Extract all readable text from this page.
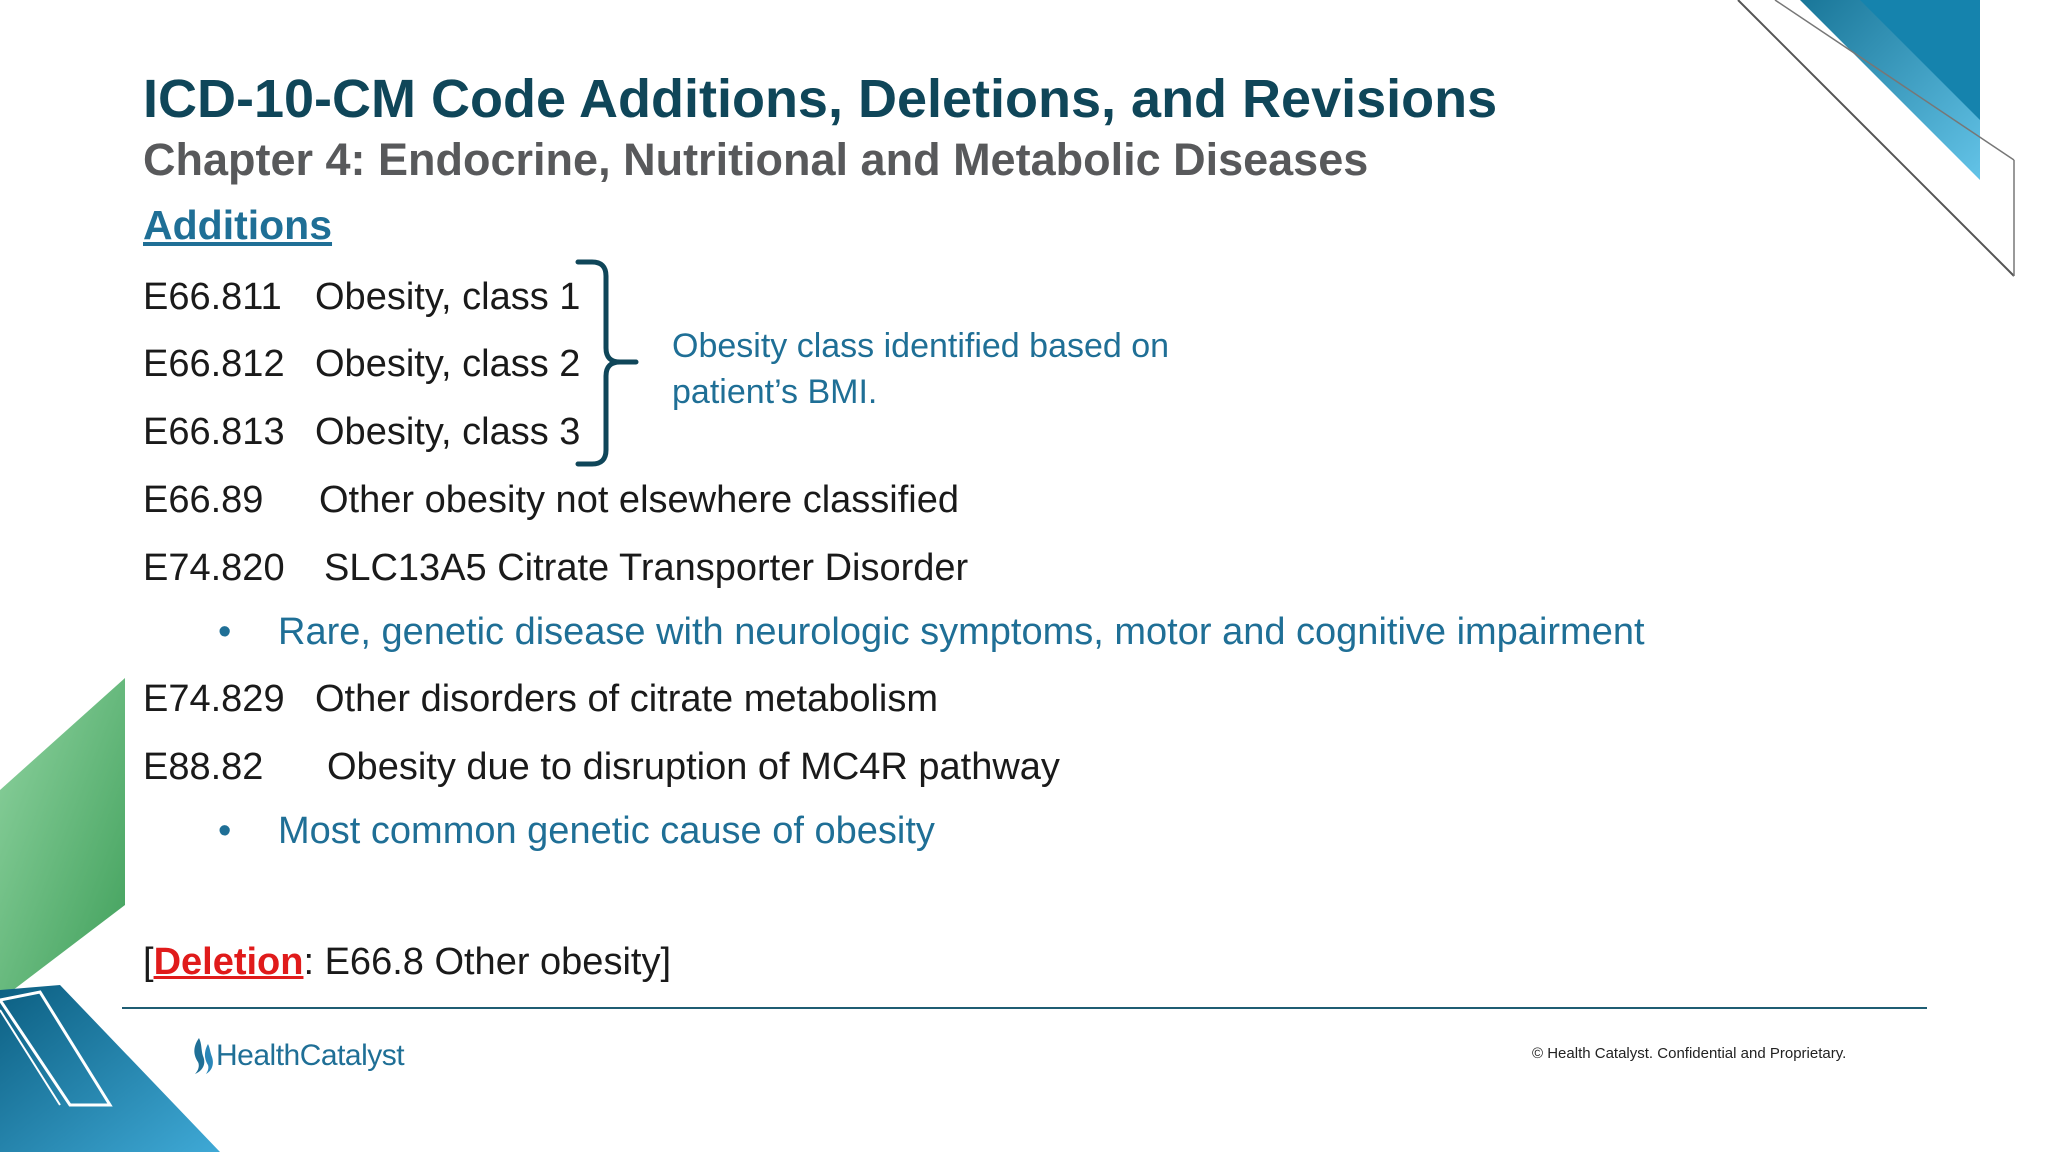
ICD-10-CM Code Additions, Deletions, and Revisions
Chapter 4: Endocrine, Nutritional and Metabolic Diseases
Additions
E66.811 Obesity, class 1
E66.812 Obesity, class 2
E66.813 Obesity, class 3
Obesity class identified based on patient’s BMI.
E66.89 Other obesity not elsewhere classified
E74.820 SLC13A5 Citrate Transporter Disorder
• Rare, genetic disease with neurologic symptoms, motor and cognitive impairment
E74.829 Other disorders of citrate metabolism
E88.82 Obesity due to disruption of MC4R pathway
• Most common genetic cause of obesity
[Deletion: E66.8 Other obesity]
HealthCatalyst	© Health Catalyst. Confidential and Proprietary.
